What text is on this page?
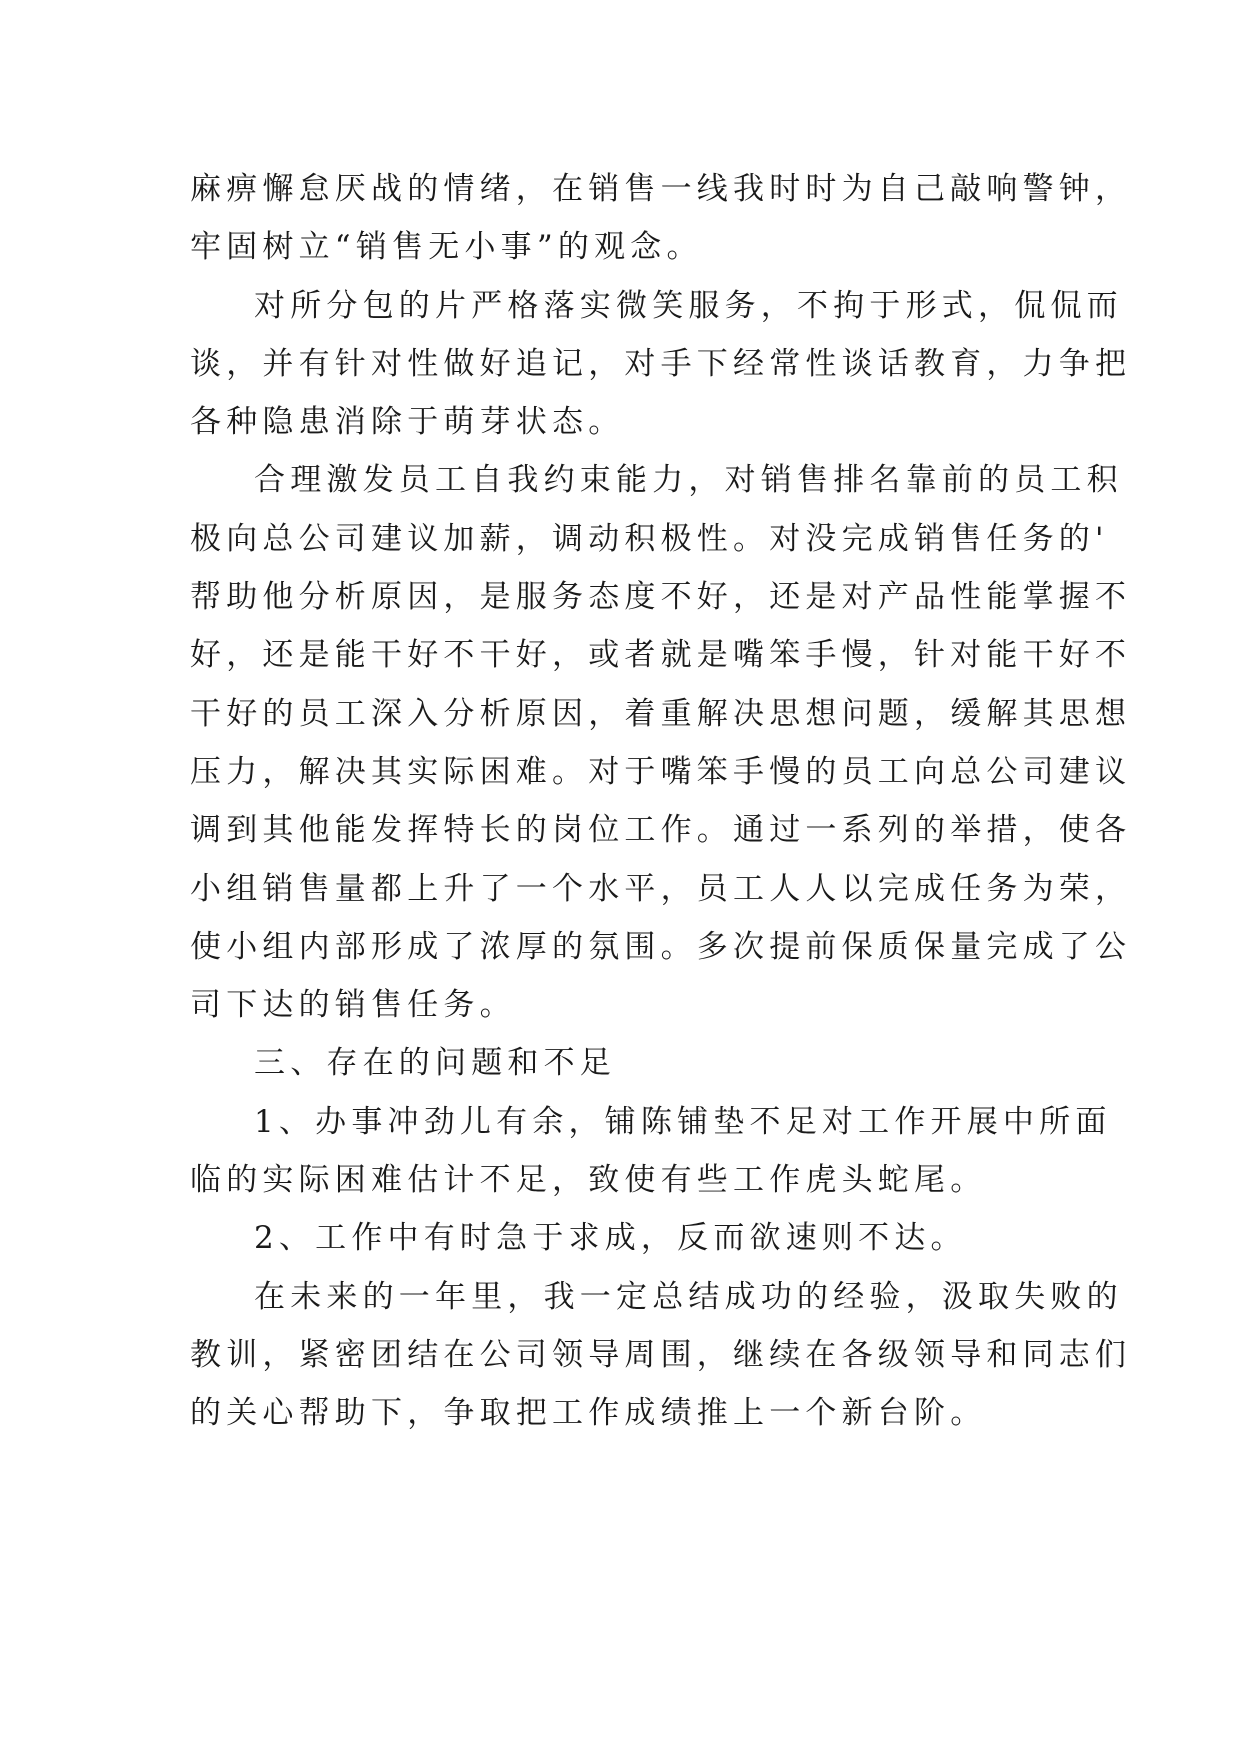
麻痹懈怠厌战的情绪，在销售一线我时时为自己敲响警钟，
牢固树立“销售无小事”的观念。
对所分包的片严格落实微笑服务，不拘于形式，侃侃而
谈，并有针对性做好追记，对手下经常性谈话教育，力争把
各种隐患消除于萌芽状态。
合理激发员工自我约束能力，对销售排名靠前的员工积
极向总公司建议加薪，调动积极性。对没完成销售任务的'
帮助他分析原因，是服务态度不好，还是对产品性能掌握不
好，还是能干好不干好，或者就是嘴笨手慢，针对能干好不
干好的员工深入分析原因，着重解决思想问题，缓解其思想
压力，解决其实际困难。对于嘴笨手慢的员工向总公司建议
调到其他能发挥特长的岗位工作。通过一系列的举措，使各
小组销售量都上升了一个水平，员工人人以完成任务为荣，
使小组内部形成了浓厚的氛围。多次提前保质保量完成了公
司下达的销售任务。
三、存在的问题和不足
1、办事冲劲儿有余，铺陈铺垫不足对工作开展中所面
临的实际困难估计不足，致使有些工作虎头蛇尾。
2、工作中有时急于求成，反而欲速则不达。
在未来的一年里，我一定总结成功的经验，汲取失败的
教训，紧密团结在公司领导周围，继续在各级领导和同志们
的关心帮助下，争取把工作成绩推上一个新台阶。
